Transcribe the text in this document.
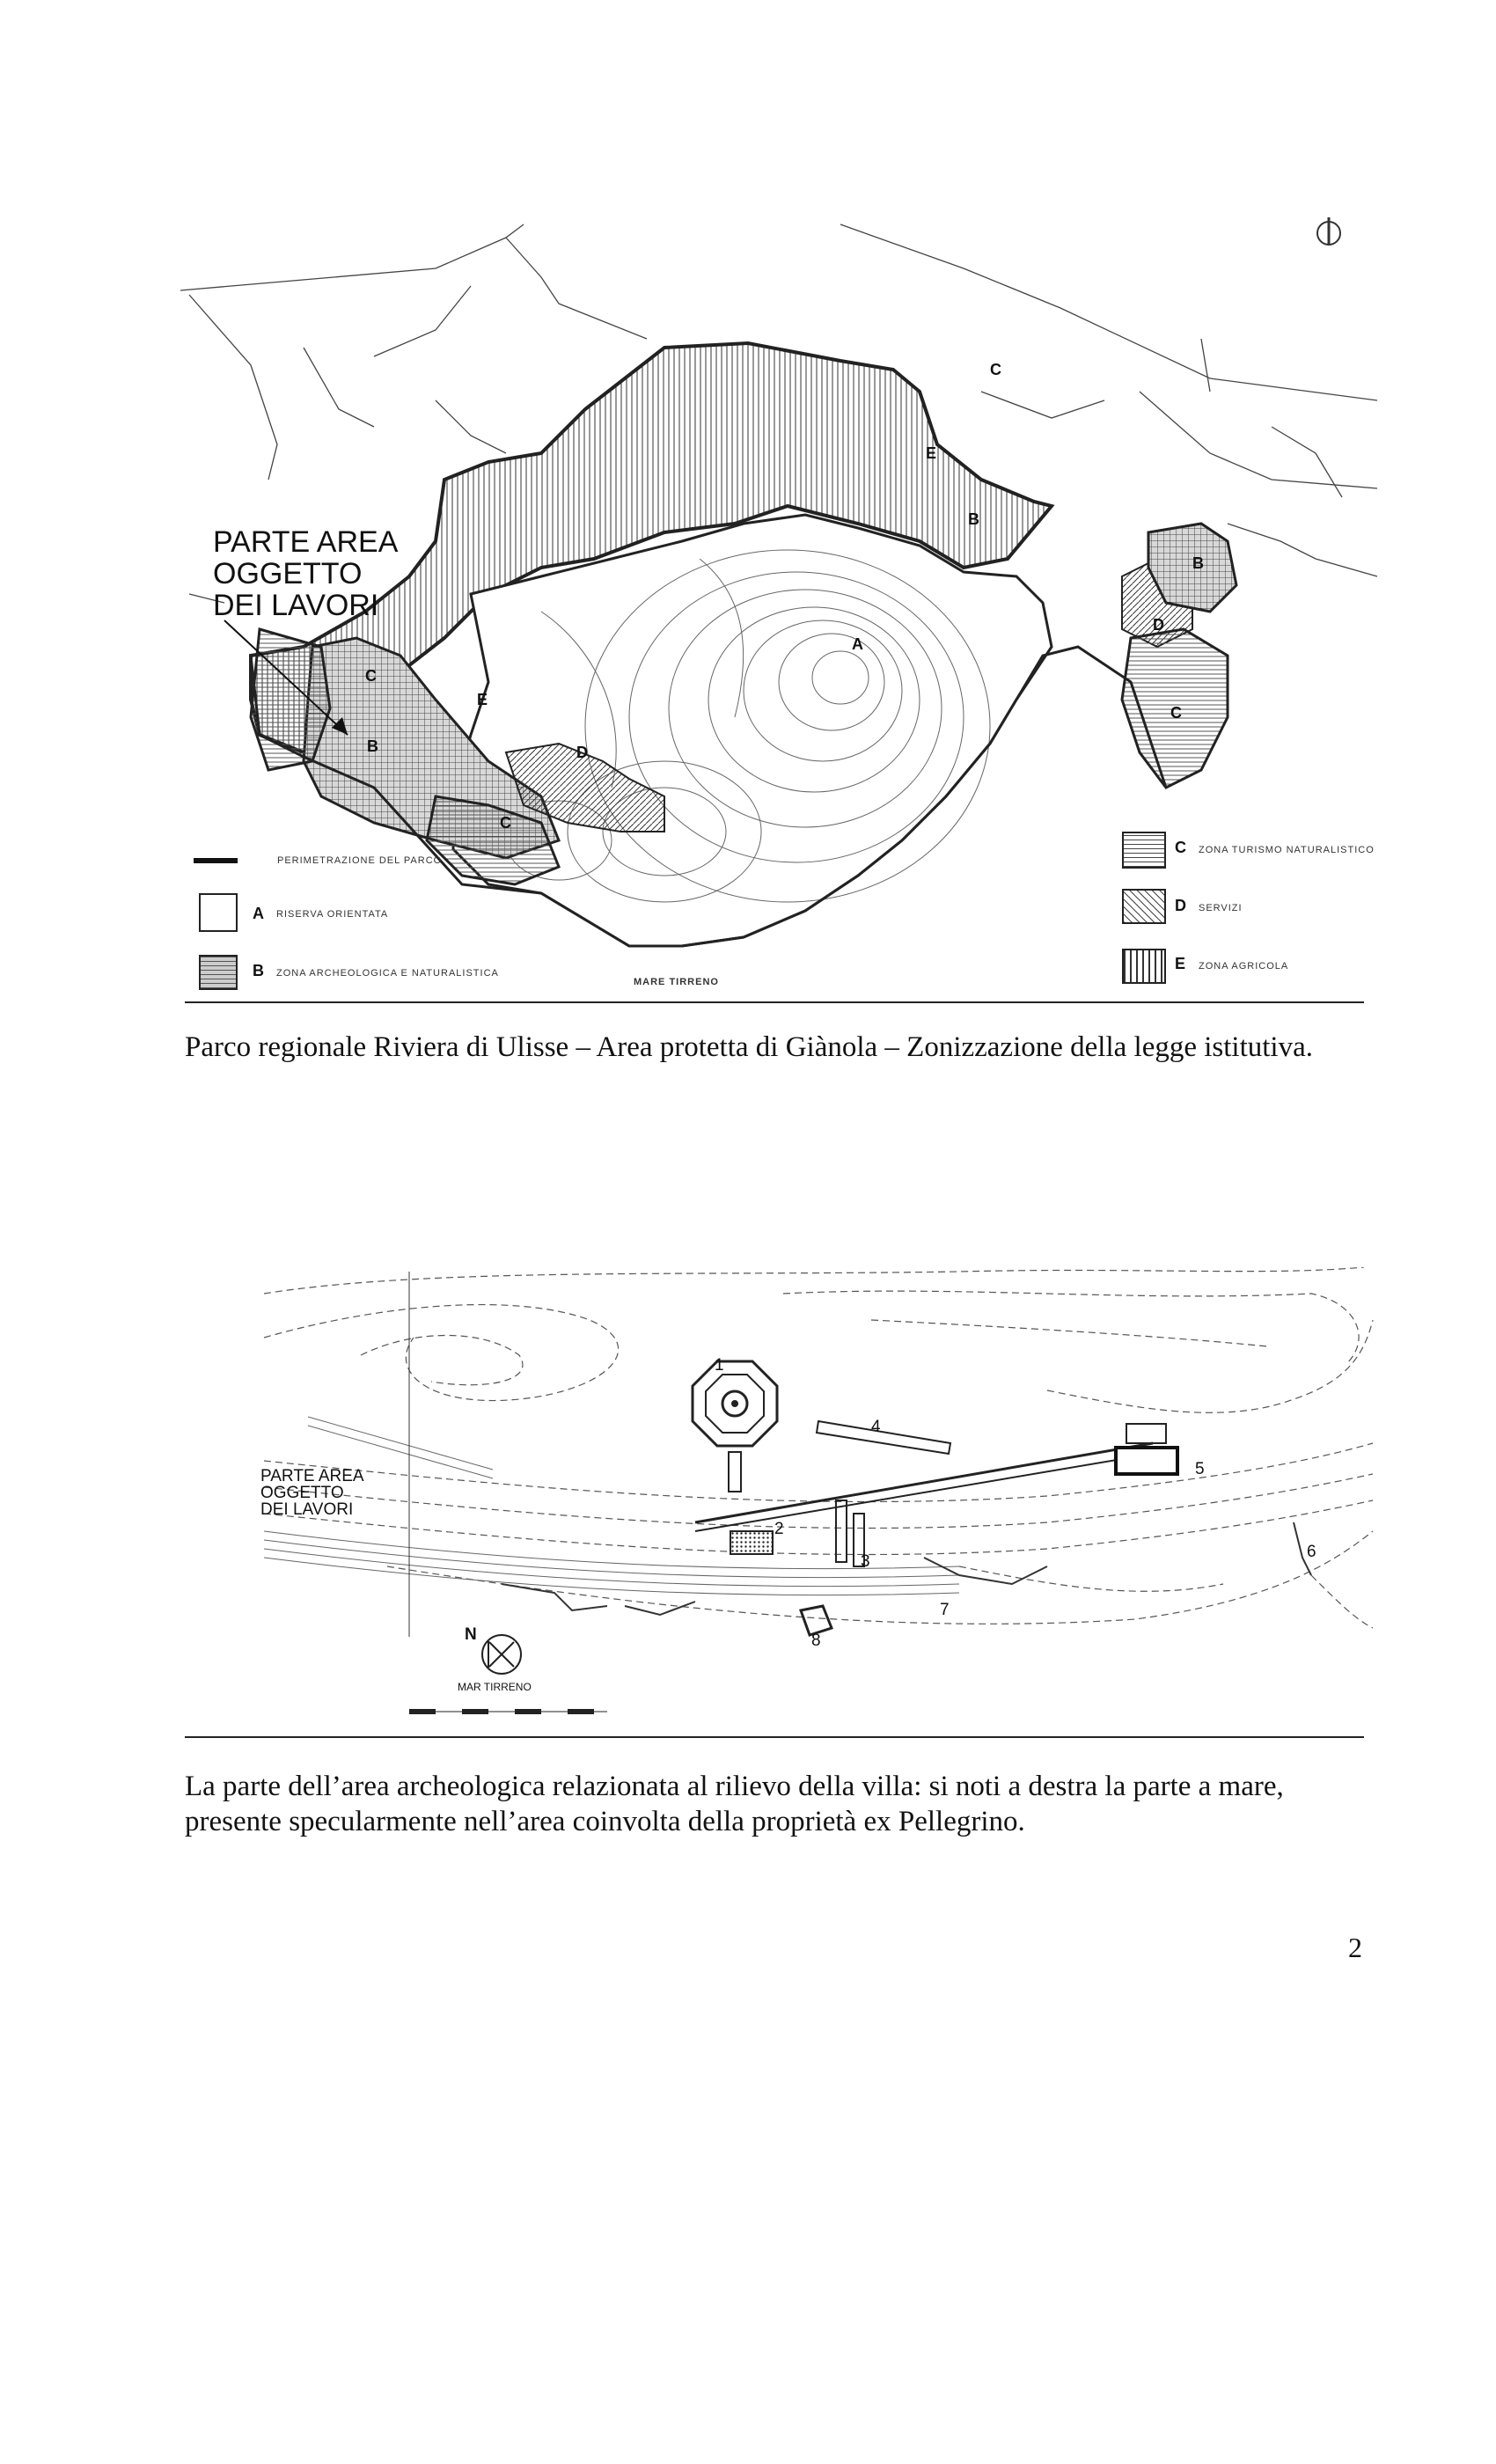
A
B
C
C
C
C
D
D
E
E
B
B
PARTE AREA
OGGETTO
DEI LAVORI
PERIMETRAZIONE DEL PARCO
A RISERVA ORIENTATA
B ZONA ARCHEOLOGICA E NATURALISTICA
C ZONA TURISMO NATURALISTICO
D SERVIZI
E ZONA AGRICOLA
MARE TIRRENO
Parco regionale Riviera di Ulisse – Area protetta di Giànola – Zonizzazione della legge istitutiva.
1
2
3
4
5
6
7
8
N
MAR TIRRENO
PARTE AREA
OGGETTO
DEI LAVORI
La parte dell’area archeologica relazionata al rilievo della villa: si noti a destra la parte a mare,
presente specularmente nell’area coinvolta della proprietà ex Pellegrino.
2
